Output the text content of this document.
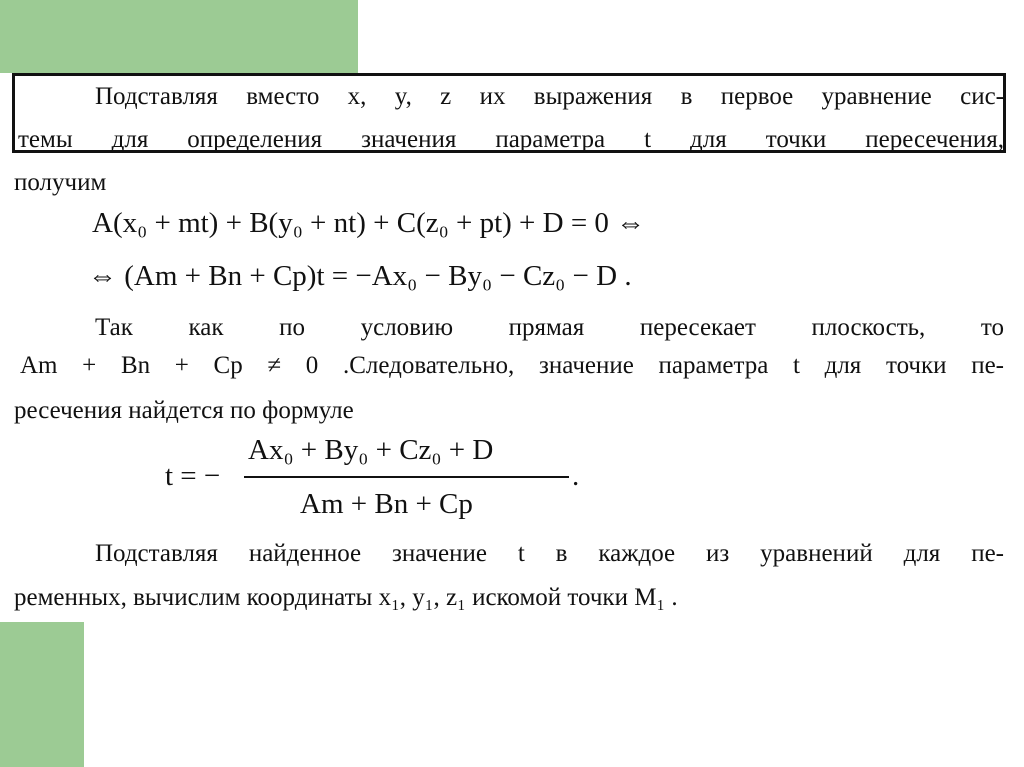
Подставляя вместо x, y, z их выражения в первое уравнение сис-
темы для определения значения параметра t для точки пересечения,
получим
A(x₀ + mt) + B(y₀ + nt) + C(z₀ + pt) + D = 0 ⇔
⇔ (Am + Bn + Cp)t = −Ax₀ − By₀ − Cz₀ − D .
Так как по условию прямая пересекает плоскость, то
Am + Bn + Cp ≠ 0 .Следовательно, значение параметра t для точки пе-
ресечения найдется по формуле
t = −
Ax₀ + By₀ + Cz₀ + D
Am + Bn + Cp
.
Подставляя найденное значение t в каждое из уравнений для пе-
ременных, вычислим координаты x₁, y₁, z₁ искомой точки M₁ .
